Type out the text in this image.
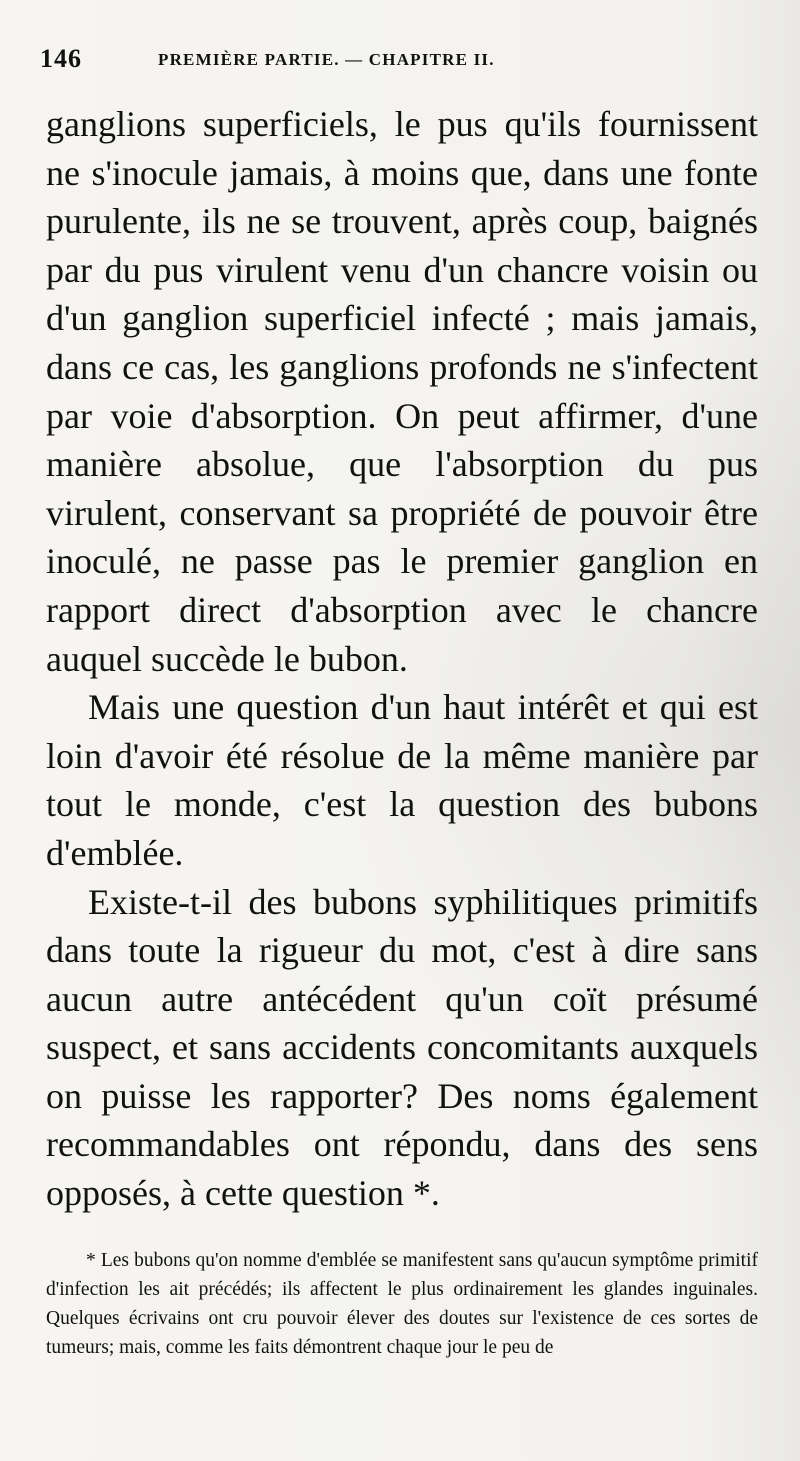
146	PREMIÈRE PARTIE. — CHAPITRE II.

ganglions superficiels, le pus qu'ils fournissent ne s'inocule jamais, à moins que, dans une fonte purulente, ils ne se trouvent, après coup, baignés par du pus virulent venu d'un chancre voisin ou d'un ganglion superficiel infecté ; mais jamais, dans ce cas, les ganglions profonds ne s'infectent par voie d'absorption. On peut affirmer, d'une manière absolue, que l'absorption du pus virulent, conservant sa propriété de pouvoir être inoculé, ne passe pas le premier ganglion en rapport direct d'absorption avec le chancre auquel succède le bubon.

Mais une question d'un haut intérêt et qui est loin d'avoir été résolue de la même manière par tout le monde, c'est la question des bubons d'emblée.

Existe-t-il des bubons syphilitiques primitifs dans toute la rigueur du mot, c'est à dire sans aucun autre antécédent qu'un coït présumé suspect, et sans accidents concomitants auxquels on puisse les rapporter? Des noms également recommandables ont répondu, dans des sens opposés, à cette question *.

* Les bubons qu'on nomme d'emblée se manifestent sans qu'aucun symptôme primitif d'infection les ait précédés; ils affectent le plus ordinairement les glandes inguinales. Quelques écrivains ont cru pouvoir élever des doutes sur l'existence de ces sortes de tumeurs; mais, comme les faits démontrent chaque jour le peu de
